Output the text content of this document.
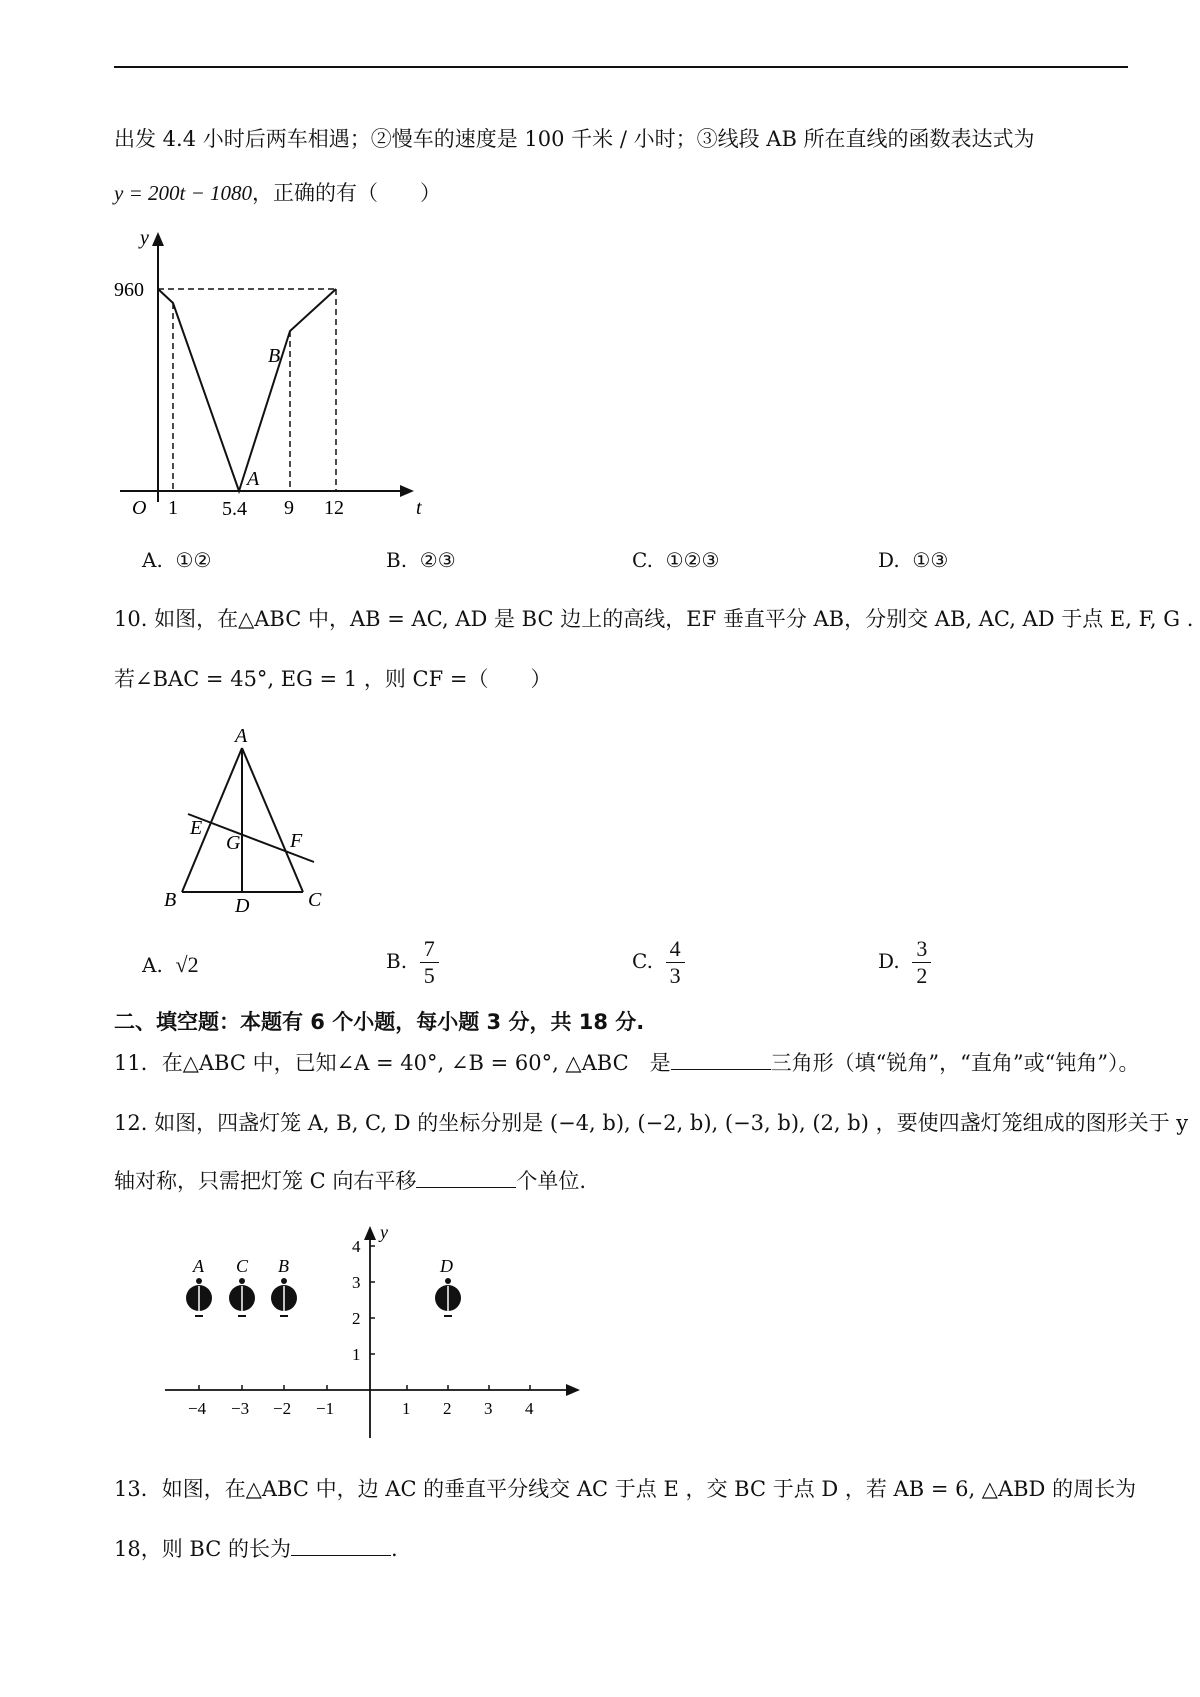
出发 4.4 小时后两车相遇；②慢车的速度是 100 千米 / 小时；③线段 AB 所在直线的函数表达式为
y = 200t − 1080，正确的有（　　）
y
t
O
960
1 5.4 9 12
A
B
A. ①②	B. ②③	C. ①②③	D. ①③
10. 如图，在△ABC 中，AB = AC, AD 是 BC 边上的高线，EF 垂直平分 AB，分别交 AB, AC, AD 于点 E, F, G .
若∠BAC = 45°, EG = 1 ，则 CF =（　　）
A
B	C
D
E
G F
A. √2	B. $\frac{7}{5}$	C. $\frac{4}{3}$	D. $\frac{3}{2}$
二、填空题：本题有 6 个小题，每小题 3 分，共 18 分.
11．在△ABC 中，已知∠A = 40°, ∠B = 60°, △ABC　是	三角形（填“锐角”，“直角”或“钝角”）。
12. 如图，四盏灯笼 A, B, C, D 的坐标分别是 (−4, b), (−2, b), (−3, b), (2, b) ，要使四盏灯笼组成的图形关于 y
轴对称，只需把灯笼 C 向右平移	个单位.
−4 −3 −2 −1	1 2 3 4
4
3
2
1
y
A C B	D
13．如图，在△ABC 中，边 AC 的垂直平分线交 AC 于点 E ，交 BC 于点 D ，若 AB = 6, △ABD 的周长为
18，则 BC 的长为	.
